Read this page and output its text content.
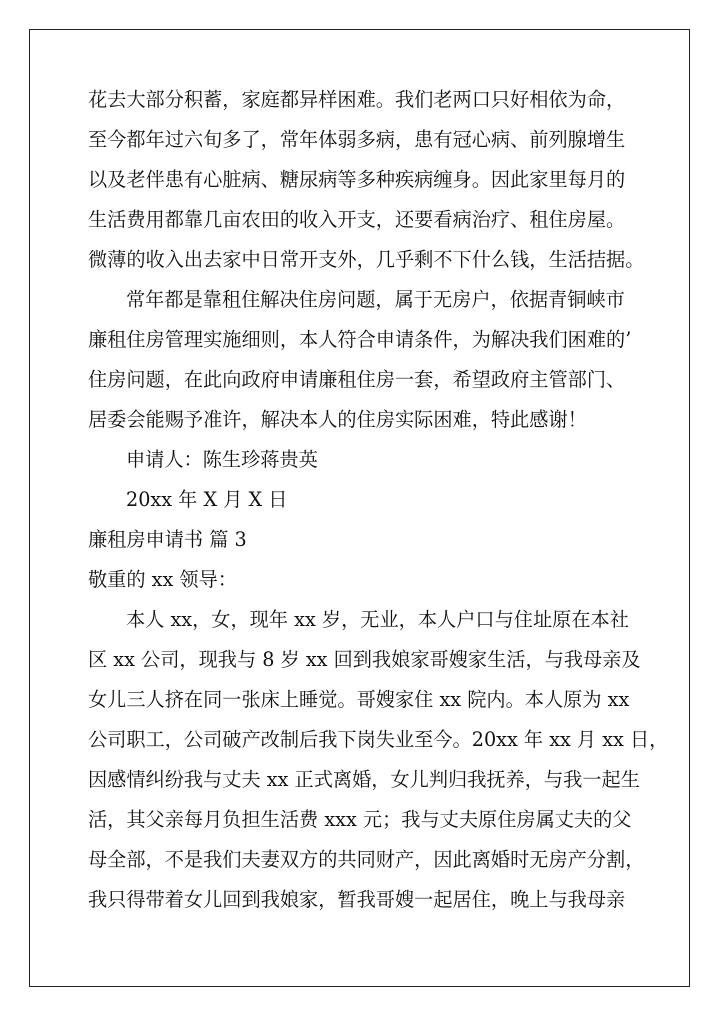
花去大部分积蓄，家庭都异样困难。我们老两口只好相依为命，
至今都年过六旬多了，常年体弱多病，患有冠心病、前列腺增生
以及老伴患有心脏病、糖尿病等多种疾病缠身。因此家里每月的
生活费用都靠几亩农田的收入开支，还要看病治疗、租住房屋。
微薄的收入出去家中日常开支外，几乎剩不下什么钱，生活拮据。
常年都是靠租住解决住房问题，属于无房户，依据青铜峡市
廉租住房管理实施细则，本人符合申请条件，为解决我们困难的’
住房问题，在此向政府申请廉租住房一套，希望政府主管部门、
居委会能赐予准许，解决本人的住房实际困难，特此感谢！
申请人：陈生珍蒋贵英
20xx 年 X 月 X 日
廉租房申请书 篇 3
敬重的 xx 领导：
本人 xx，女，现年 xx 岁，无业，本人户口与住址原在本社
区 xx 公司，现我与 8 岁 xx 回到我娘家哥嫂家生活，与我母亲及
女儿三人挤在同一张床上睡觉。哥嫂家住 xx 院内。本人原为 xx
公司职工，公司破产改制后我下岗失业至今。20xx 年 xx 月 xx 日，
因感情纠纷我与丈夫 xx 正式离婚，女儿判归我抚养，与我一起生
活，其父亲每月负担生活费 xxx 元；我与丈夫原住房属丈夫的父
母全部，不是我们夫妻双方的共同财产，因此离婚时无房产分割，
我只得带着女儿回到我娘家，暂我哥嫂一起居住，晚上与我母亲
